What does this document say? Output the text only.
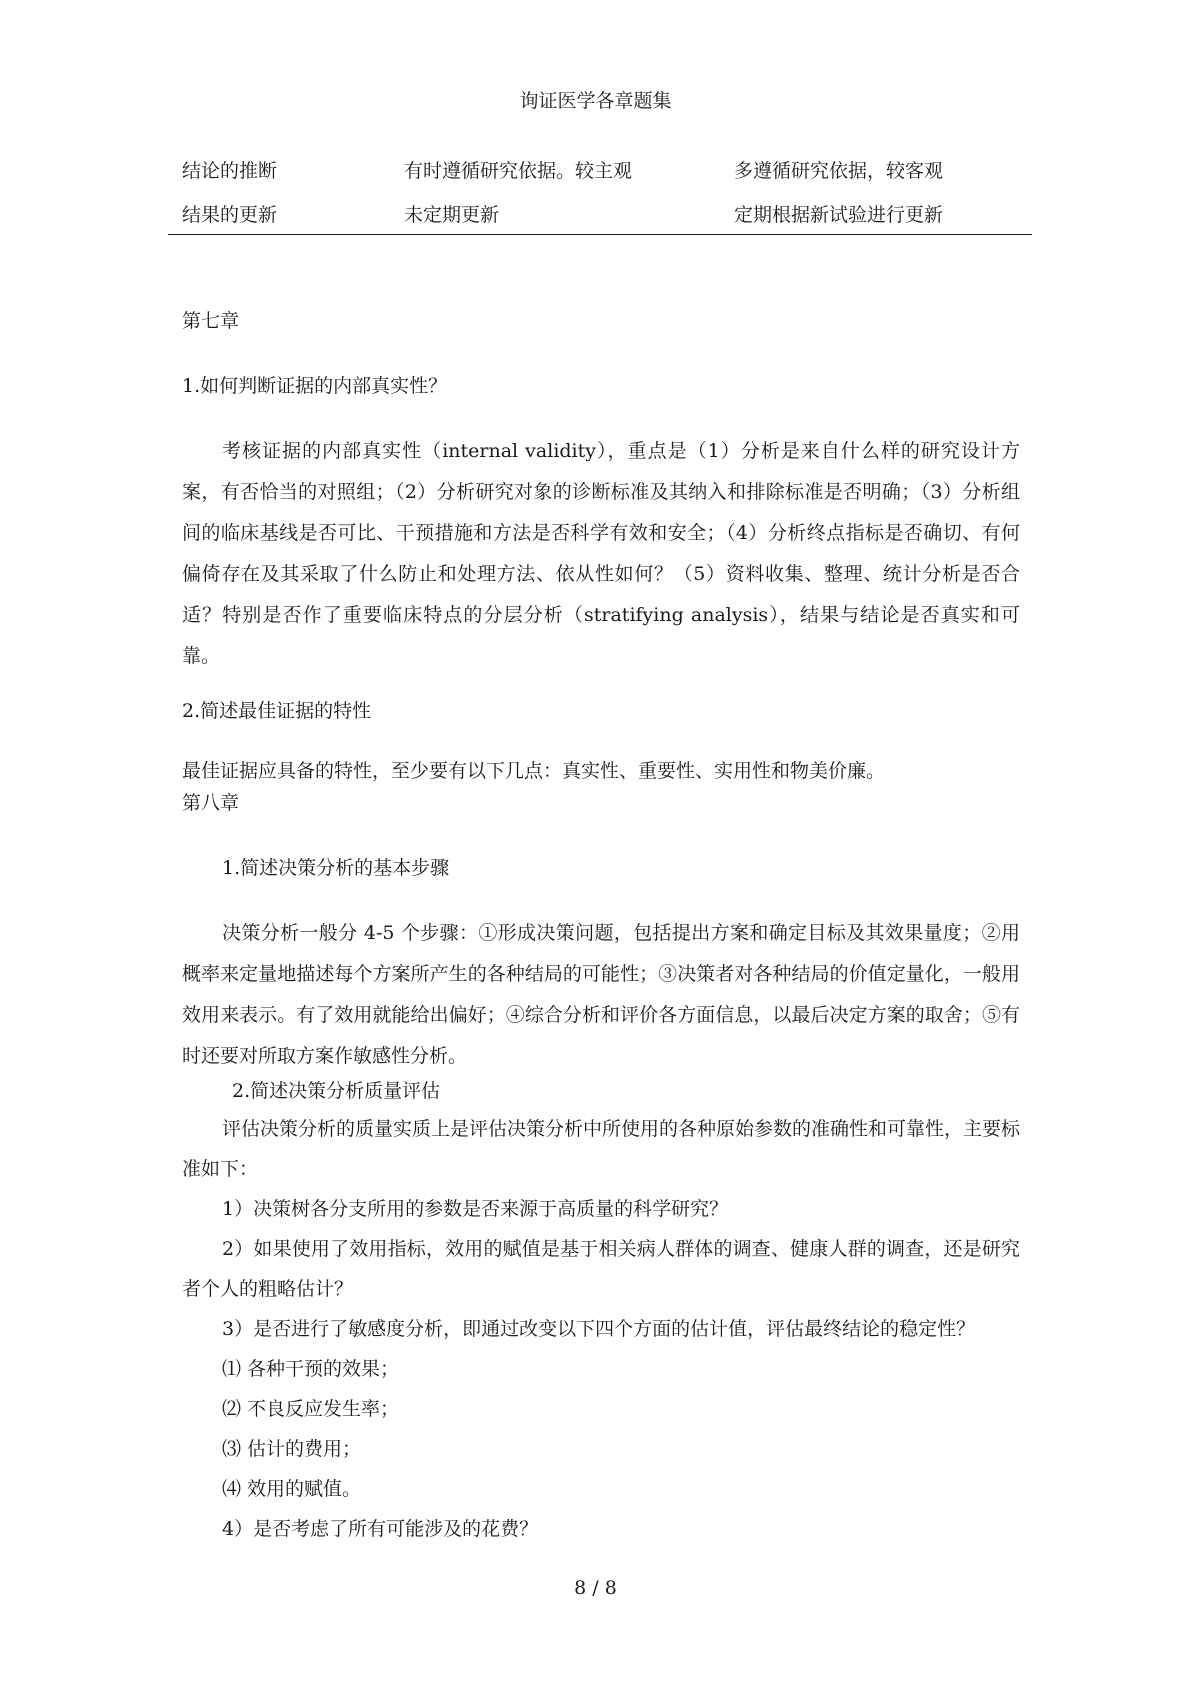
询证医学各章题集
结论的推断	有时遵循研究依据。较主观	多遵循研究依据，较客观
结果的更新	未定期更新	定期根据新试验进行更新
第七章
1.如何判断证据的内部真实性？
考核证据的内部真实性（internal validity），重点是（1）分析是来自什么样的研究设计方案，有否恰当的对照组；（2）分析研究对象的诊断标准及其纳入和排除标准是否明确；（3）分析组间的临床基线是否可比、干预措施和方法是否科学有效和安全；（4）分析终点指标是否确切、有何偏倚存在及其采取了什么防止和处理方法、依从性如何？（5）资料收集、整理、统计分析是否合适？特别是否作了重要临床特点的分层分析（stratifying analysis），结果与结论是否真实和可靠。
2.简述最佳证据的特性
最佳证据应具备的特性，至少要有以下几点：真实性、重要性、实用性和物美价廉。
第八章
1.简述决策分析的基本步骤
决策分析一般分 4-5 个步骤：①形成决策问题，包括提出方案和确定目标及其效果量度；②用概率来定量地描述每个方案所产生的各种结局的可能性；③决策者对各种结局的价值定量化，一般用效用来表示。有了效用就能给出偏好；④综合分析和评价各方面信息，以最后决定方案的取舍；⑤有时还要对所取方案作敏感性分析。
2.简述决策分析质量评估
评估决策分析的质量实质上是评估决策分析中所使用的各种原始参数的准确性和可靠性，主要标准如下：
1）决策树各分支所用的参数是否来源于高质量的科学研究？
2）如果使用了效用指标，效用的赋值是基于相关病人群体的调查、健康人群的调查，还是研究者个人的粗略估计？
3）是否进行了敏感度分析，即通过改变以下四个方面的估计值，评估最终结论的稳定性？
⑴ 各种干预的效果；
⑵ 不良反应发生率；
⑶ 估计的费用；
⑷ 效用的赋值。
4）是否考虑了所有可能涉及的花费？
8 / 8
